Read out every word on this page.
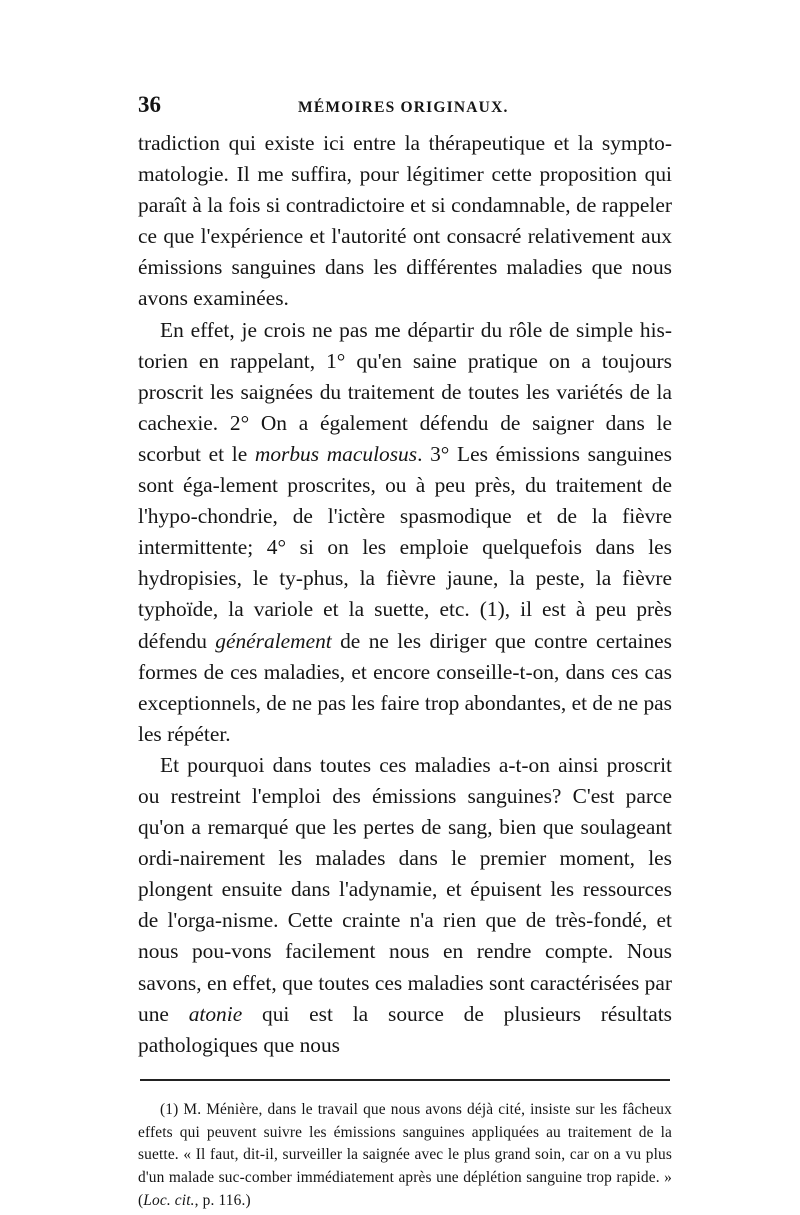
36	MÉMOIRES ORIGINAUX.

tradiction qui existe ici entre la thérapeutique et la sympto-matologie. Il me suffira, pour légitimer cette proposition qui paraît à la fois si contradictoire et si condamnable, de rappeler ce que l'expérience et l'autorité ont consacré relativement aux émissions sanguines dans les différentes maladies que nous avons examinées.

En effet, je crois ne pas me départir du rôle de simple his-torien en rappelant, 1° qu'en saine pratique on a toujours proscrit les saignées du traitement de toutes les variétés de la cachexie. 2° On a également défendu de saigner dans le scorbut et le morbus maculosus. 3° Les émissions sanguines sont éga-lement proscrites, ou à peu près, du traitement de l'hypo-chondrie, de l'ictère spasmodique et de la fièvre intermittente; 4° si on les emploie quelquefois dans les hydropisies, le ty-phus, la fièvre jaune, la peste, la fièvre typhoïde, la variole et la suette, etc. (1), il est à peu près défendu généralement de ne les diriger que contre certaines formes de ces maladies, et encore conseille-t-on, dans ces cas exceptionnels, de ne pas les faire trop abondantes, et de ne pas les répéter.

Et pourquoi dans toutes ces maladies a-t-on ainsi proscrit ou restreint l'emploi des émissions sanguines? C'est parce qu'on a remarqué que les pertes de sang, bien que soulageant ordi-nairement les malades dans le premier moment, les plongent ensuite dans l'adynamie, et épuisent les ressources de l'orga-nisme. Cette crainte n'a rien que de très-fondé, et nous pou-vons facilement nous en rendre compte. Nous savons, en effet, que toutes ces maladies sont caractérisées par une atonie qui est la source de plusieurs résultats pathologiques que nous

(1) M. Ménière, dans le travail que nous avons déjà cité, insiste sur les fâcheux effets qui peuvent suivre les émissions sanguines appliquées au traitement de la suette. « Il faut, dit-il, surveiller la saignée avec le plus grand soin, car on a vu plus d'un malade suc-comber immédiatement après une déplétion sanguine trop rapide. » (Loc. cit., p. 116.)
